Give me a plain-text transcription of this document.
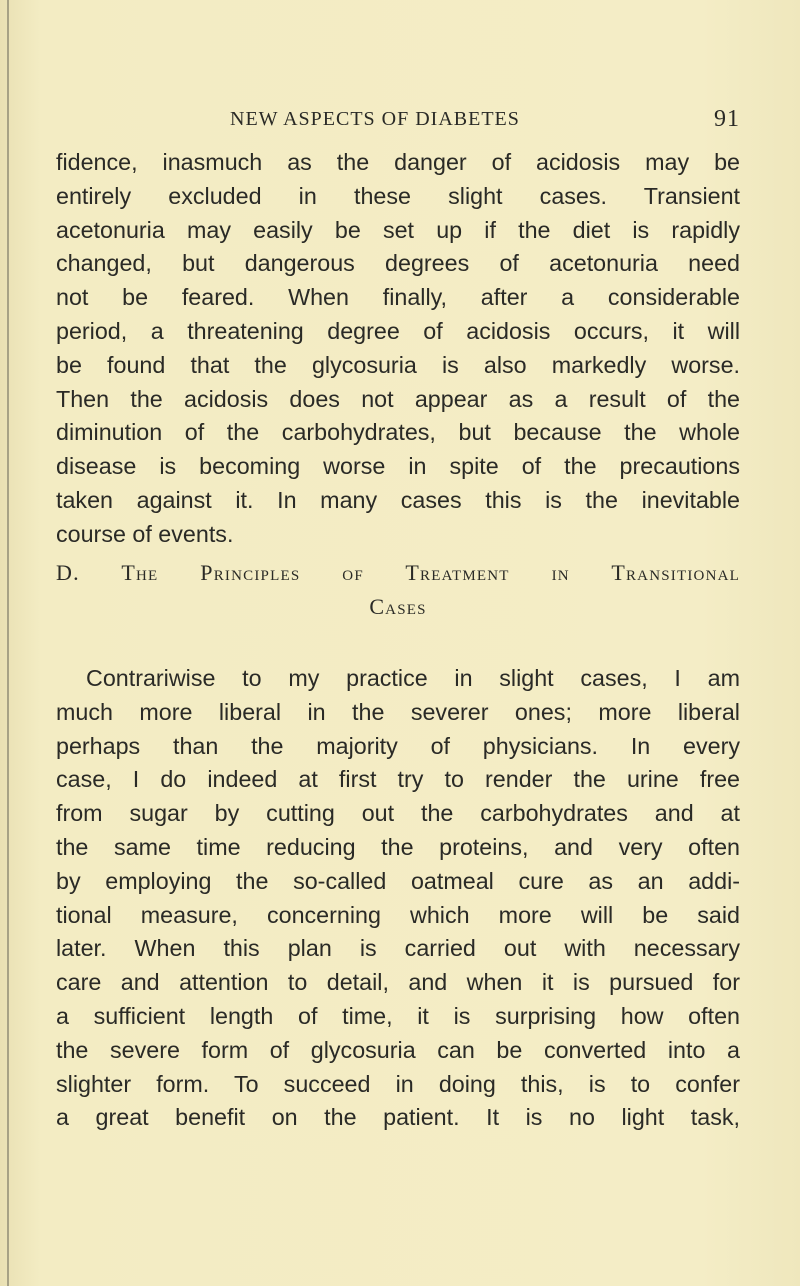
NEW ASPECTS OF DIABETES	91
fidence, inasmuch as the danger of acidosis may be
entirely excluded in these slight cases. Transient
acetonuria may easily be set up if the diet is rapidly
changed, but dangerous degrees of acetonuria need
not be feared. When finally, after a considerable
period, a threatening degree of acidosis occurs, it will
be found that the glycosuria is also markedly worse.
Then the acidosis does not appear as a result of the
diminution of the carbohydrates, but because the whole
disease is becoming worse in spite of the precautions
taken against it. In many cases this is the inevitable
course of events.
D. The Principles of Treatment in Transitional
Cases
Contrariwise to my practice in slight cases, I am
much more liberal in the severer ones; more liberal
perhaps than the majority of physicians. In every
case, I do indeed at first try to render the urine free
from sugar by cutting out the carbohydrates and at
the same time reducing the proteins, and very often
by employing the so-called oatmeal cure as an addi-
tional measure, concerning which more will be said
later. When this plan is carried out with necessary
care and attention to detail, and when it is pursued for
a sufficient length of time, it is surprising how often
the severe form of glycosuria can be converted into a
slighter form. To succeed in doing this, is to confer
a great benefit on the patient. It is no light task,
